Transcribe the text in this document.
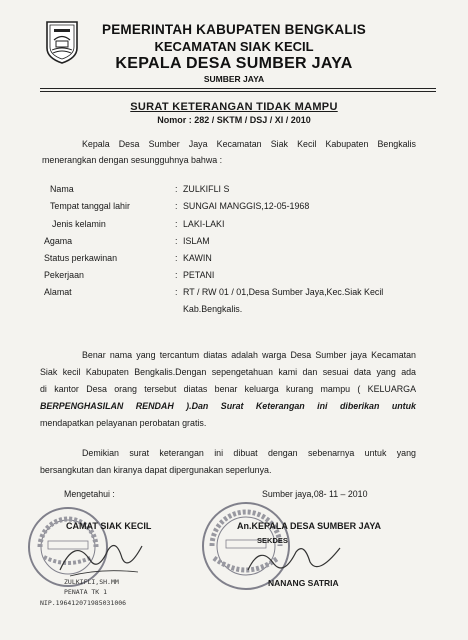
PEMERINTAH KABUPATEN BENGKALIS
KECAMATAN SIAK KECIL
KEPALA DESA SUMBER JAYA
SUMBER JAYA
SURAT KETERANGAN TIDAK MAMPU
Nomor : 282 / SKTM / DSJ / XI / 2010
Kepala Desa Sumber Jaya Kecamatan Siak Kecil Kabupaten Bengkalis
menerangkan dengan sesungguhnya bahwa :
Nama	: ZULKIFLI S
Tempat tanggal lahir	: SUNGAI MANGGIS,12-05-1968
Jenis kelamin	: LAKI-LAKI
Agama	: ISLAM
Status perkawinan	: KAWIN
Pekerjaan	: PETANI
Alamat	: RT / RW 01 / 01,Desa Sumber Jaya,Kec.Siak Kecil
Kab.Bengkalis.
Benar nama yang tercantum diatas adalah warga Desa Sumber jaya Kecamatan
Siak kecil Kabupaten Bengkalis.Dengan sepengetahuan kami dan sesuai data yang ada
di kantor Desa orang tersebut diatas benar keluarga kurang mampu ( KELUARGA
BERPENGHASILAN RENDAH ).Dan Surat Keterangan ini diberikan untuk
mendapatkan pelayanan perobatan gratis.
Demikian surat keterangan ini dibuat dengan sebenarnya untuk yang
bersangkutan dan kiranya dapat dipergunakan seperlunya.
Mengetahui :
CAMAT SIAK KECIL
ZULKIFLI,SH.MM
PENATA TK 1
NIP.196412071985031006
Sumber jaya,08- 11 – 2010
An.KEPALA DESA SUMBER JAYA
SEKDES
NANANG SATRIA
